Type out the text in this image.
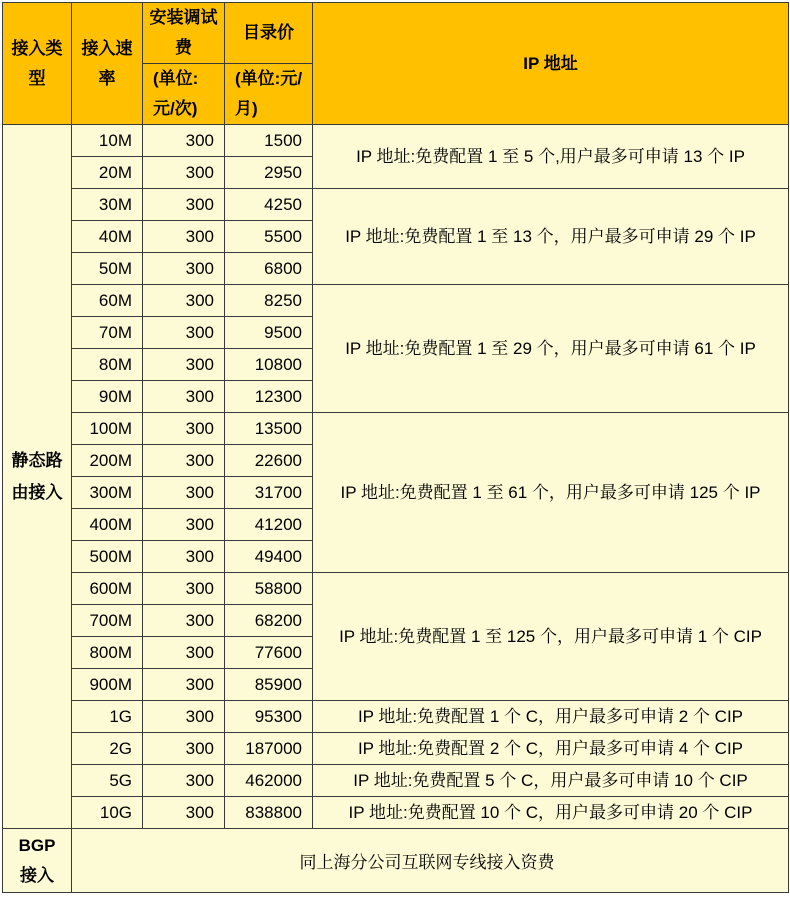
接入类型	接入速率	安装调试费	目录价	IP 地址
		(单位:元/次)	(单位:元/月)	
静态路由接入	10M	300	1500	IP 地址:免费配置 1 至 5 个,用户最多可申请 13 个 IP
	20M	300	2950	
	30M	300	4250	IP 地址:免费配置 1 至 13 个，用户最多可申请 29 个 IP
	40M	300	5500	
	50M	300	6800	
	60M	300	8250	IP 地址:免费配置 1 至 29 个，用户最多可申请 61 个 IP
	70M	300	9500	
	80M	300	10800	
	90M	300	12300	
	100M	300	13500	IP 地址:免费配置 1 至 61 个，用户最多可申请 125 个 IP
	200M	300	22600	
	300M	300	31700	
	400M	300	41200	
	500M	300	49400	
	600M	300	58800	IP 地址:免费配置 1 至 125 个，用户最多可申请 1 个 CIP
	700M	300	68200	
	800M	300	77600	
	900M	300	85900	
	1G	300	95300	IP 地址:免费配置 1 个 C，用户最多可申请 2 个 CIP
	2G	300	187000	IP 地址:免费配置 2 个 C，用户最多可申请 4 个 CIP
	5G	300	462000	IP 地址:免费配置 5 个 C，用户最多可申请 10 个 CIP
	10G	300	838800	IP 地址:免费配置 10 个 C，用户最多可申请 20 个 CIP
BGP 接入	同上海分公司互联网专线接入资费			
